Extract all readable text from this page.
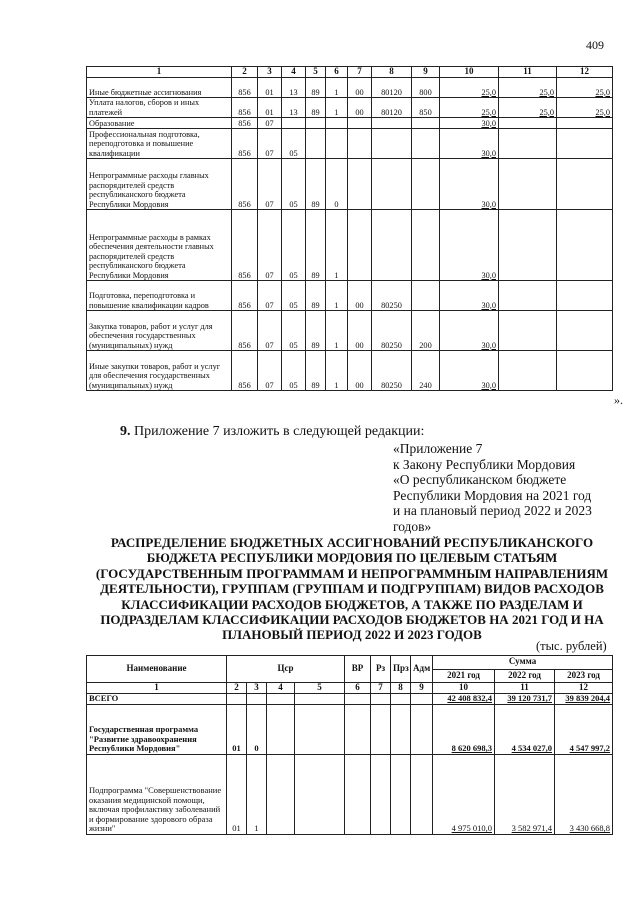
409
1	2	3	4	5	6	7	8	9	10	11	12
Иные бюджетные ассигнования	856	01	13	89	1	00	80120	800	25,0	25,0	25,0
Уплата налогов, сборов и иных платежей	856	01	13	89	1	00	80120	850	25,0	25,0	25,0
Образование	856	07							30,0		
Профессиональная подготовка, переподготовка и повышение квалификации	856	07	05						30,0		
Непрограммные расходы главных распорядителей средств республиканского бюджета Республики Мордовия	856	07	05	89	0				30,0		
Непрограммные расходы в рамках обеспечения деятельности главных распорядителей средств республиканского бюджета Республики Мордовия	856	07	05	89	1				30,0		
Подготовка, переподготовка и повышение квалификации кадров	856	07	05	89	1	00	80250		30,0		
Закупка товаров, работ и услуг для обеспечения государственных (муниципальных) нужд	856	07	05	89	1	00	80250	200	30,0		
Иные закупки товаров, работ и услуг для обеспечения государственных (муниципальных) нужд	856	07	05	89	1	00	80250	240	30,0		
».
9. Приложение 7 изложить в следующей редакции:
«Приложение 7
к Закону Республики Мордовия
«О республиканском бюджете
Республики Мордовия на 2021 год
и на плановый период 2022 и 2023
годов»
РАСПРЕДЕЛЕНИЕ БЮДЖЕТНЫХ АССИГНОВАНИЙ РЕСПУБЛИКАНСКОГО
БЮДЖЕТА РЕСПУБЛИКИ МОРДОВИЯ ПО ЦЕЛЕВЫМ СТАТЬЯМ
(ГОСУДАРСТВЕННЫМ ПРОГРАММАМ И НЕПРОГРАММНЫМ НАПРАВЛЕНИЯМ
ДЕЯТЕЛЬНОСТИ), ГРУППАМ (ГРУППАМ И ПОДГРУППАМ) ВИДОВ РАСХОДОВ
КЛАССИФИКАЦИИ РАСХОДОВ БЮДЖЕТОВ, А ТАКЖЕ ПО РАЗДЕЛАМ И
ПОДРАЗДЕЛАМ КЛАССИФИКАЦИИ РАСХОДОВ БЮДЖЕТОВ НА 2021 ГОД И НА
ПЛАНОВЫЙ ПЕРИОД 2022 И 2023 ГОДОВ
(тыс. рублей)
Наименование	Цср				ВР	Рз	Прз	Адм	Сумма		
									2021 год	2022 год	2023 год
1	2	3	4	5	6	7	8	9	10	11	12
ВСЕГО									42 408 832,4	39 120 731,7	39 839 204,4
Государственная программа "Развитие здравоохранения Республики Мордовия"	01	0							8 620 698,3	4 534 027,0	4 547 997,2
Подпрограмма "Совершенствование оказания медицинской помощи, включая профилактику заболеваний и формирование здорового образа жизни"	01	1							4 975 010,0	3 582 971,4	3 430 668,8
